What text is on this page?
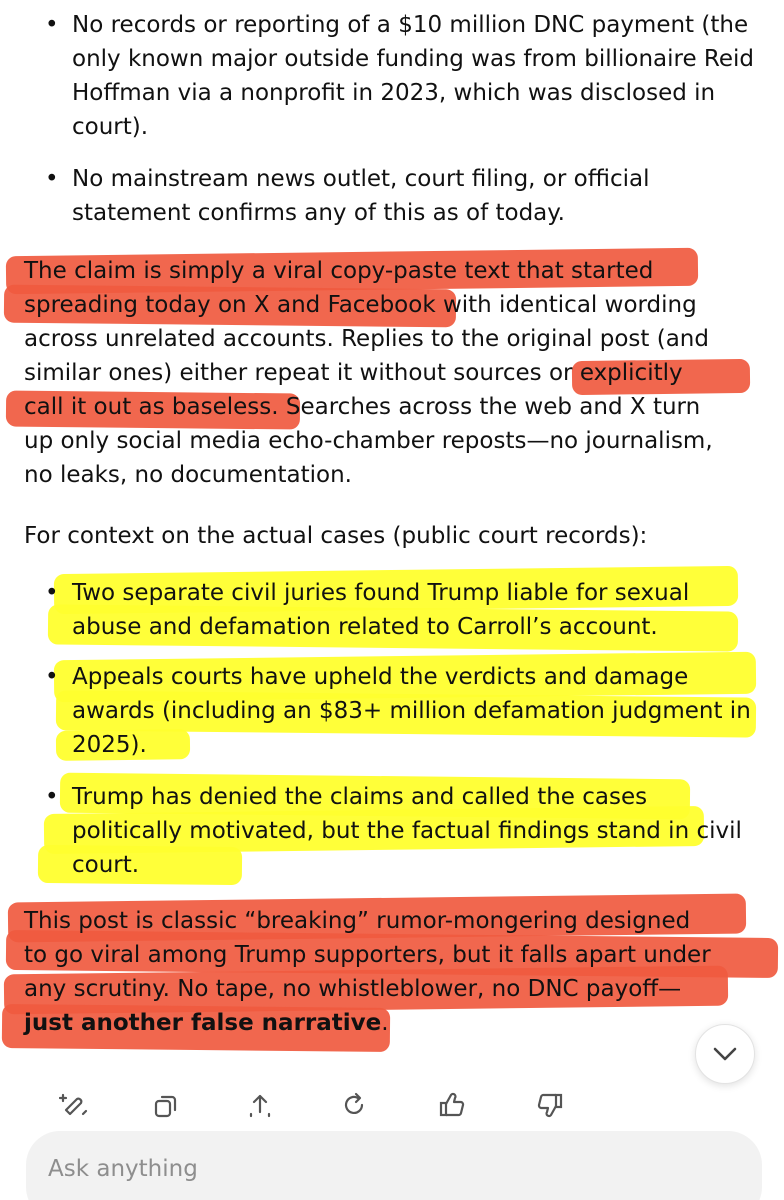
• No records or reporting of a $10 million DNC payment (the only known major outside funding was from billionaire Reid Hoffman via a nonprofit in 2023, which was disclosed in court).
• No mainstream news outlet, court filing, or official statement confirms any of this as of today.
The claim is simply a viral copy-paste text that started
spreading today on X and Facebook with identical wording
across unrelated accounts. Replies to the original post (and
similar ones) either repeat it without sources or explicitly
call it out as baseless. Searches across the web and X turn
up only social media echo-chamber reposts—no journalism,
no leaks, no documentation.
For context on the actual cases (public court records):
• Two separate civil juries found Trump liable for sexual abuse and defamation related to Carroll’s account.
• Appeals courts have upheld the verdicts and damage awards (including an $83+ million defamation judgment in 2025).
• Trump has denied the claims and called the cases politically motivated, but the factual findings stand in civil court.
This post is classic “breaking” rumor-mongering designed
to go viral among Trump supporters, but it falls apart under
any scrutiny. No tape, no whistleblower, no DNC payoff—
just another false narrative.
Ask anything
